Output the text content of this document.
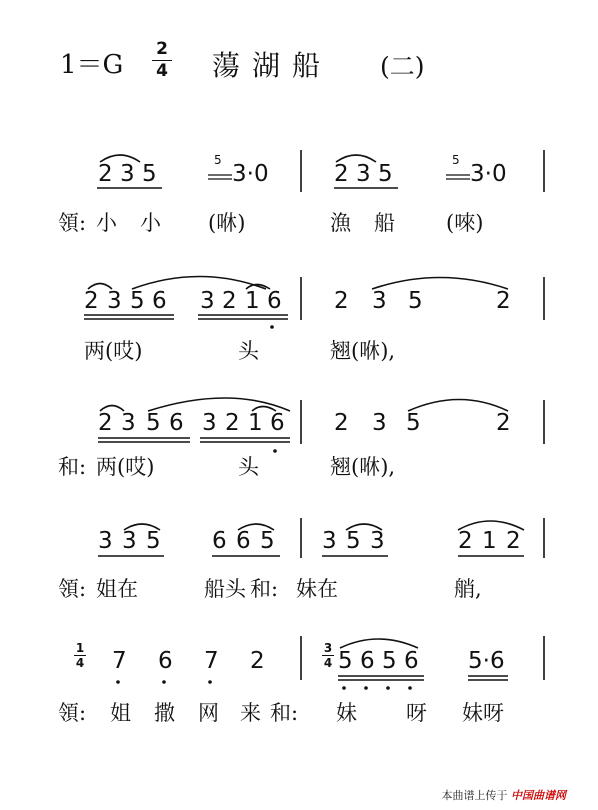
1＝G
2
4 蕩湖船 (二)
2 3 5
5
3·0	2 3 5
5
3·0
領: 小 小 (咻)	漁 船 (唻)
2 3 5 6 3 2 1 6 2 3 5	2
两(哎)	头	翘(咻),
2 3 5 6 3 2 1 6 2 3 5	2
和: 两(哎)	头	翘(咻),
3 3 5 6 6 5 3 5 3	2 1 2
領: 姐在	船头 和: 妹在	艄,
1
4 7 6 7 2	3
4 5 6 5 6 5·6
領: 姐 撒 网 来 和: 妹 呀 妹呀
本曲谱上传于 中国曲谱网
